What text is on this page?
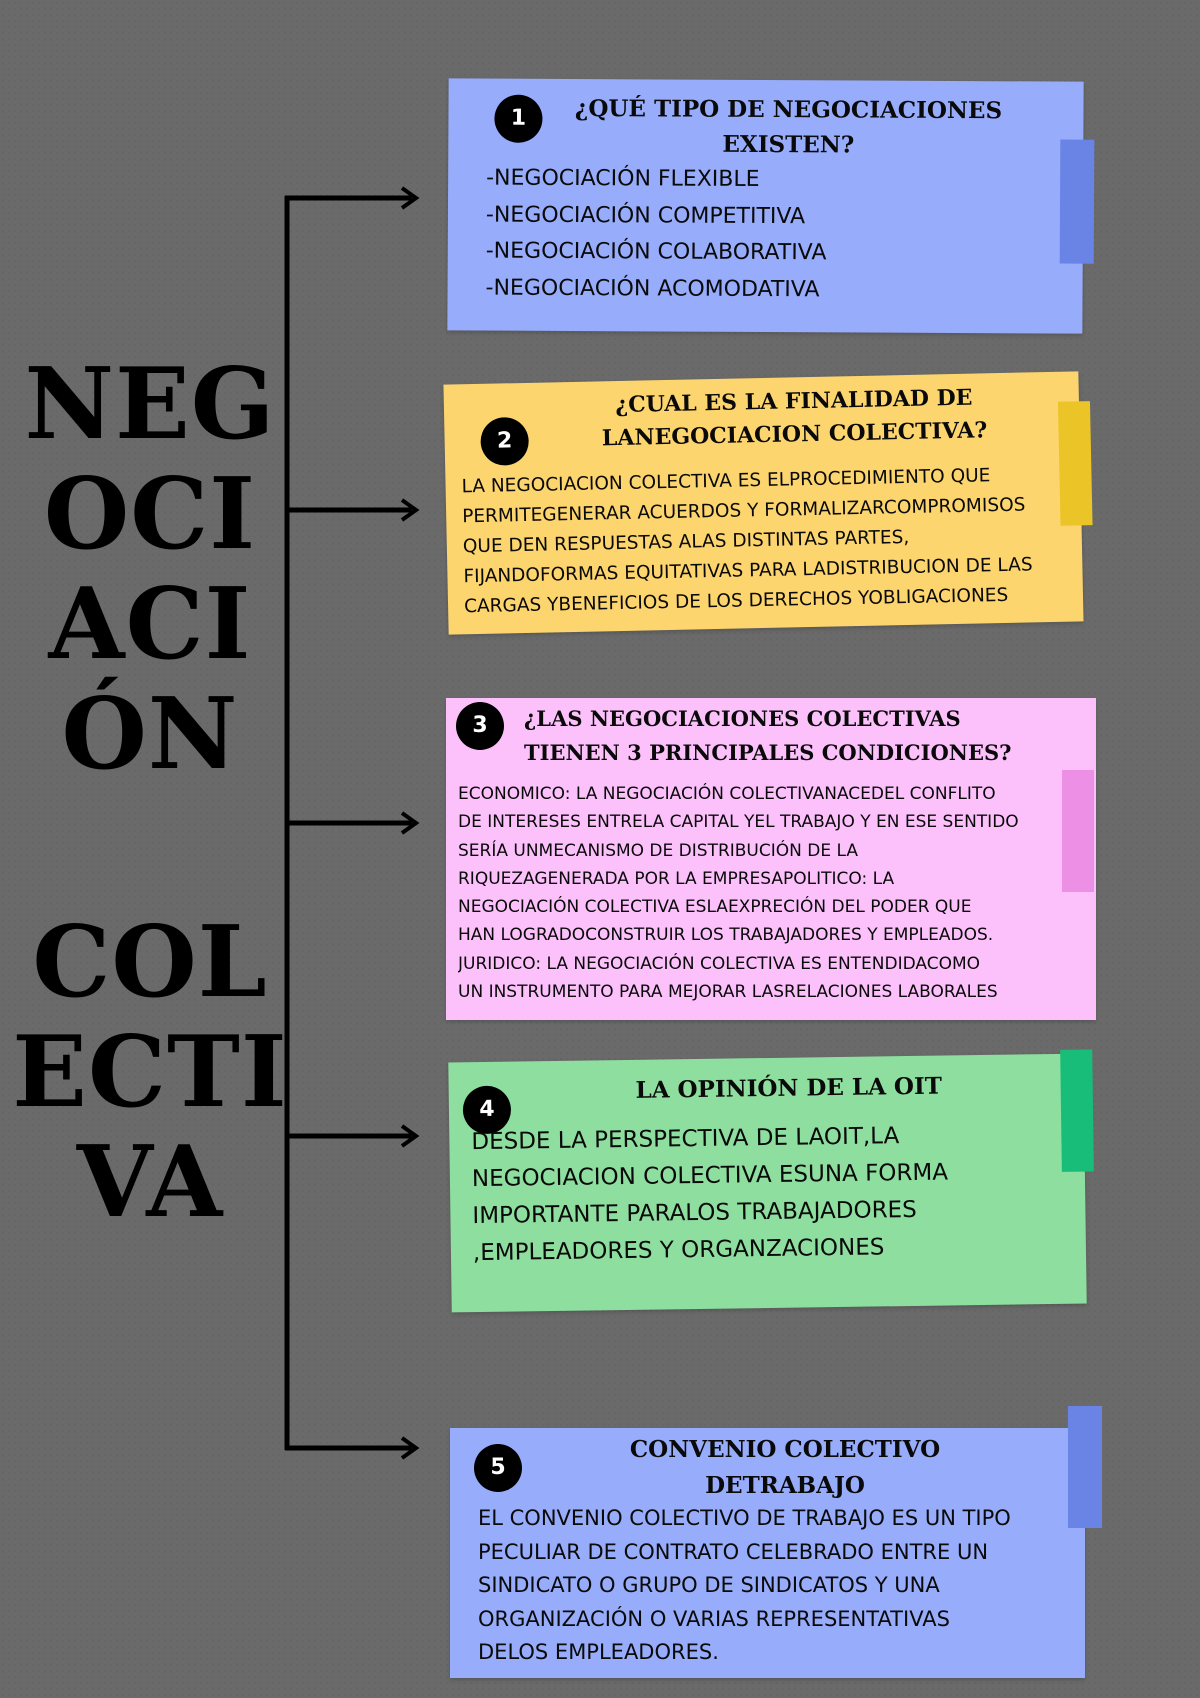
NEG
OCI
ACI
ÓN
COL
ECTI
VA
1	¿QUÉ TIPO DE NEGOCIACIONES EXISTEN?
-NEGOCIACIÓN FLEXIBLE
-NEGOCIACIÓN COMPETITIVA
-NEGOCIACIÓN COLABORATIVA
-NEGOCIACIÓN ACOMODATIVA
2
¿CUAL ES LA FINALIDAD DE LANEGOCIACION COLECTIVA?
LA NEGOCIACION COLECTIVA ES ELPROCEDIMIENTO QUE
PERMITEGENERAR ACUERDOS Y FORMALIZARCOMPROMISOS
QUE DEN RESPUESTAS ALAS DISTINTAS PARTES,
FIJANDOFORMAS EQUITATIVAS PARA LADISTRIBUCION DE LAS
CARGAS YBENEFICIOS DE LOS DERECHOS YOBLIGACIONES
3	¿LAS NEGOCIACIONES COLECTIVAS TIENEN 3 PRINCIPALES CONDICIONES?
ECONOMICO: LA NEGOCIACIÓN COLECTIVANACEDEL CONFLITO
DE INTERESES ENTRELA CAPITAL YEL TRABAJO Y EN ESE SENTIDO
SERÍA UNMECANISMO DE DISTRIBUCIÓN DE LA
RIQUEZAGENERADA POR LA EMPRESAPOLITICO: LA
NEGOCIACIÓN COLECTIVA ESLAEXPRECIÓN DEL PODER QUE
HAN LOGRADOCONSTRUIR LOS TRABAJADORES Y EMPLEADOS.
JURIDICO: LA NEGOCIACIÓN COLECTIVA ES ENTENDIDACOMO
UN INSTRUMENTO PARA MEJORAR LASRELACIONES LABORALES
4
LA OPINIÓN DE LA OIT
DESDE LA PERSPECTIVA DE LAOIT,LA
NEGOCIACION COLECTIVA ESUNA FORMA
IMPORTANTE PARALOS TRABAJADORES
,EMPLEADORES Y ORGANZACIONES
5
CONVENIO COLECTIVO DETRABAJO
EL CONVENIO COLECTIVO DE TRABAJO ES UN TIPO
PECULIAR DE CONTRATO CELEBRADO ENTRE UN
SINDICATO O GRUPO DE SINDICATOS Y UNA
ORGANIZACIÓN O VARIAS REPRESENTATIVAS
DELOS EMPLEADORES.
